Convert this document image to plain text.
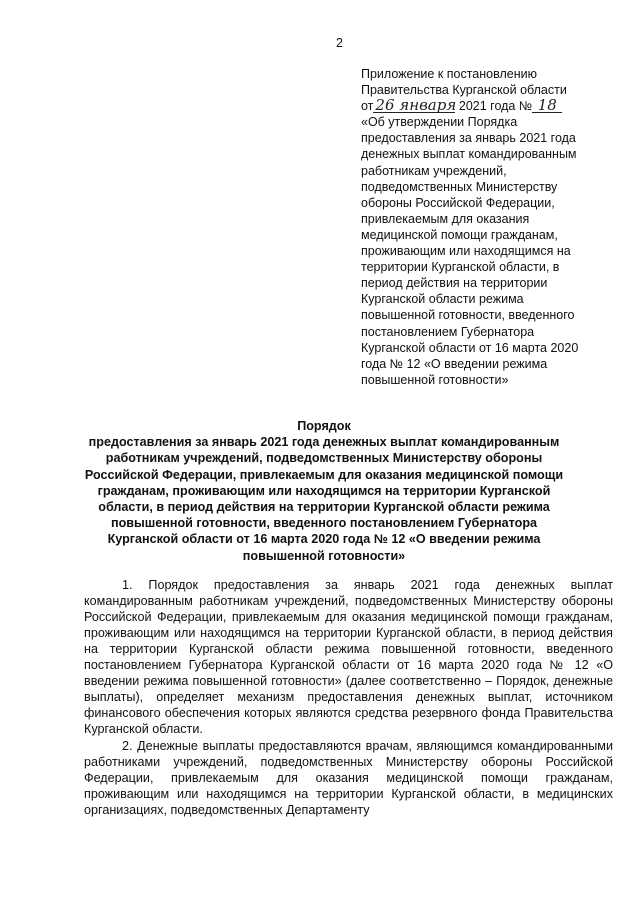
2
Приложение к постановлению
Правительства Курганской области
от 26 января 2021 года № 18
«Об утверждении Порядка предоставления за январь 2021 года денежных выплат командированным работникам учреждений, подведомственных Министерству обороны Российской Федерации, привлекаемым для оказания медицинской помощи гражданам, проживающим или находящимся на территории Курганской области, в период действия на территории Курганской области режима повышенной готовности, введенного постановлением Губернатора Курганской области от 16 марта 2020 года № 12 «О введении режима повышенной готовности»
Порядок
предоставления за январь 2021 года денежных выплат командированным работникам учреждений, подведомственных Министерству обороны Российской Федерации, привлекаемым для оказания медицинской помощи гражданам, проживающим или находящимся на территории Курганской области, в период действия на территории Курганской области режима повышенной готовности, введенного постановлением Губернатора Курганской области от 16 марта 2020 года № 12 «О введении режима повышенной готовности»

1. Порядок предоставления за январь 2021 года денежных выплат командированным работникам учреждений, подведомственных Министерству обороны Российской Федерации, привлекаемым для оказания медицинской помощи гражданам, проживающим или находящимся на территории Курганской области, в период действия на территории Курганской области режима повышенной готовности, введенного постановлением Губернатора Курганской области от 16 марта 2020 года № 12 «О введении режима повышенной готовности» (далее соответственно – Порядок, денежные выплаты), определяет механизм предоставления денежных выплат, источником финансового обеспечения которых являются средства резервного фонда Правительства Курганской области.

2. Денежные выплаты предоставляются врачам, являющимся командированными работниками учреждений, подведомственных Министерству обороны Российской Федерации, привлекаемым для оказания медицинской помощи гражданам, проживающим или находящимся на территории Курганской области, в медицинских организациях, подведомственных Департаменту
